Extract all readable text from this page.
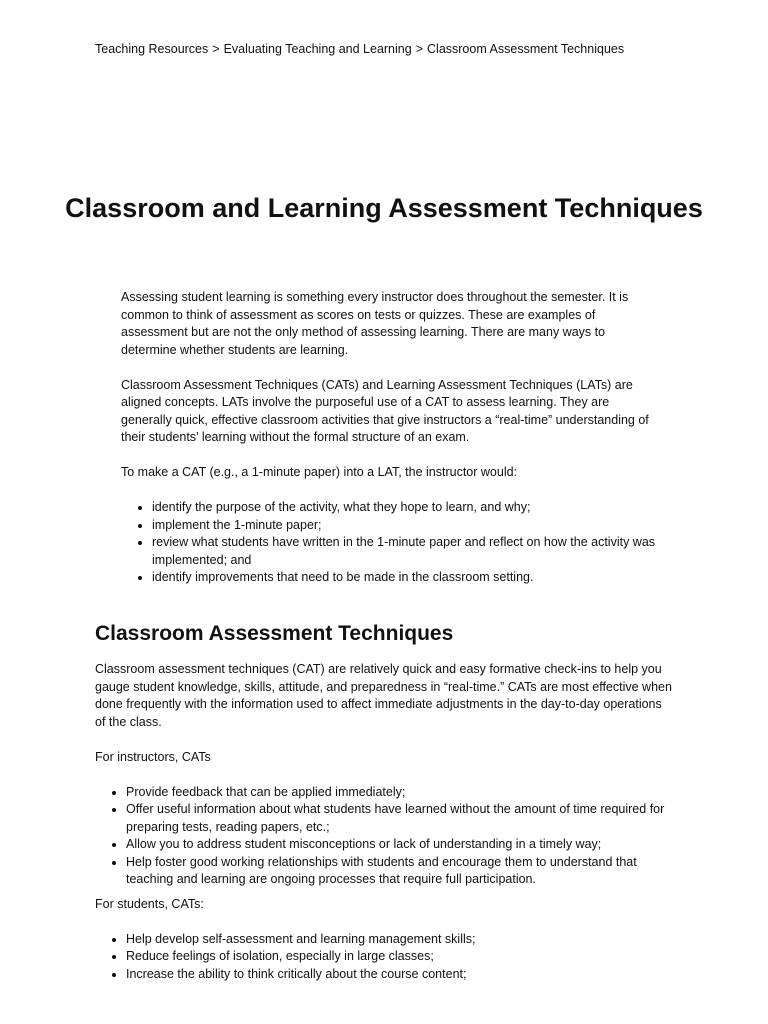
Teaching Resources > Evaluating Teaching and Learning > Classroom Assessment Techniques
Classroom and Learning Assessment Techniques

Assessing student learning is something every instructor does throughout the semester. It is common to think of assessment as scores on tests or quizzes. These are examples of assessment but are not the only method of assessing learning. There are many ways to determine whether students are learning.

Classroom Assessment Techniques (CATs) and Learning Assessment Techniques (LATs) are aligned concepts. LATs involve the purposeful use of a CAT to assess learning. They are generally quick, effective classroom activities that give instructors a “real-time” understanding of their students’ learning without the formal structure of an exam.

To make a CAT (e.g., a 1-minute paper) into a LAT, the instructor would:

• identify the purpose of the activity, what they hope to learn, and why;
• implement the 1-minute paper;
• review what students have written in the 1-minute paper and reflect on how the activity was implemented; and
• identify improvements that need to be made in the classroom setting.
Classroom Assessment Techniques

Classroom assessment techniques (CAT) are relatively quick and easy formative check-ins to help you gauge student knowledge, skills, attitude, and preparedness in “real-time.” CATs are most effective when done frequently with the information used to affect immediate adjustments in the day-to-day operations of the class.

For instructors, CATs

• Provide feedback that can be applied immediately;
• Offer useful information about what students have learned without the amount of time required for preparing tests, reading papers, etc.;
• Allow you to address student misconceptions or lack of understanding in a timely way;
• Help foster good working relationships with students and encourage them to understand that teaching and learning are ongoing processes that require full participation.

For students, CATs:

• Help develop self-assessment and learning management skills;
• Reduce feelings of isolation, especially in large classes;
• Increase the ability to think critically about the course content;
